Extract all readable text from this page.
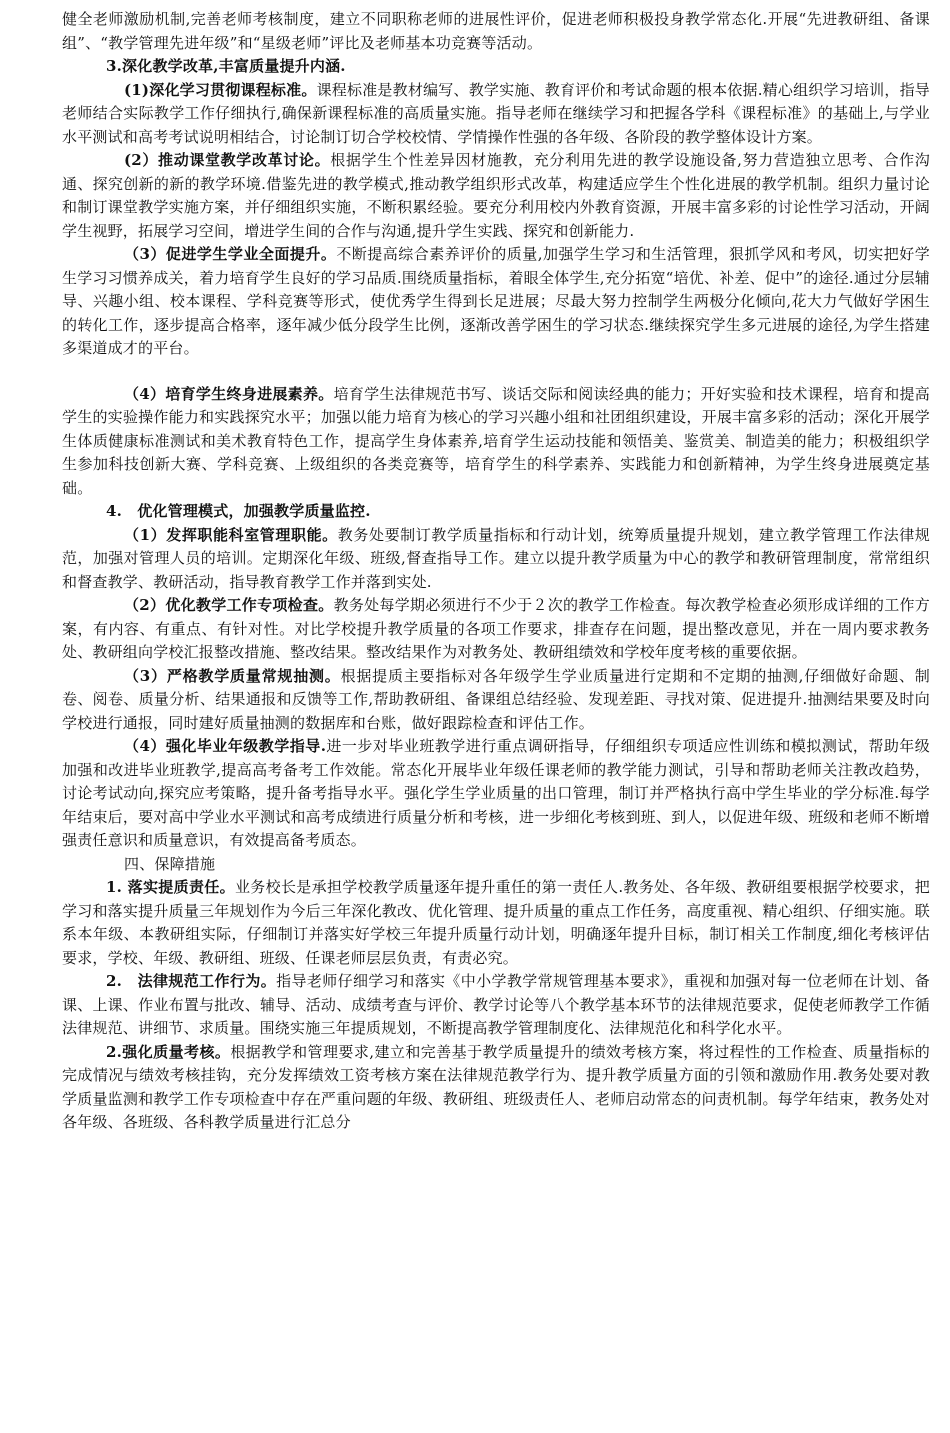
健全老师激励机制,完善老师考核制度，建立不同职称老师的进展性评价，促进老师积极投身教学常态化.开展“先进教研组、备课组”、“教学管理先进年级”和“星级老师”评比及老师基本功竞赛等活动。

3.深化教学改革,丰富质量提升内涵.

(1)深化学习贯彻课程标准。课程标准是教材编写、教学实施、教育评价和考试命题的根本依据.精心组织学习培训，指导老师结合实际教学工作仔细执行,确保新课程标准的高质量实施。指导老师在继续学习和把握各学科《课程标准》的基础上,与学业水平测试和高考考试说明相结合，讨论制订切合学校校情、学情操作性强的各年级、各阶段的教学整体设计方案。

(2）推动课堂教学改革讨论。根据学生个性差异因材施教，充分利用先进的教学设施设备,努力营造独立思考、合作沟通、探究创新的新的教学环境.借鉴先进的教学模式,推动教学组织形式改革，构建适应学生个性化进展的教学机制。组织力量讨论和制订课堂教学实施方案，并仔细组织实施，不断积累经验。要充分利用校内外教育资源，开展丰富多彩的讨论性学习活动，开阔学生视野，拓展学习空间，增进学生间的合作与沟通,提升学生实践、探究和创新能力.

（3）促进学生学业全面提升。不断提高综合素养评价的质量,加强学生学习和生活管理，狠抓学风和考风，切实把好学生学习习惯养成关，着力培育学生良好的学习品质.围绕质量指标，着眼全体学生,充分拓宽“培优、补差、促中”的途径.通过分层辅导、兴趣小组、校本课程、学科竞赛等形式，使优秀学生得到长足进展；尽最大努力控制学生两极分化倾向,花大力气做好学困生的转化工作，逐步提高合格率，逐年减少低分段学生比例，逐渐改善学困生的学习状态.继续探究学生多元进展的途径,为学生搭建多渠道成才的平台。

（4）培育学生终身进展素养。培育学生法律规范书写、谈话交际和阅读经典的能力；开好实验和技术课程，培育和提高学生的实验操作能力和实践探究水平；加强以能力培育为核心的学习兴趣小组和社团组织建设，开展丰富多彩的活动；深化开展学生体质健康标准测试和美术教育特色工作，提高学生身体素养,培育学生运动技能和领悟美、鉴赏美、制造美的能力；积极组织学生参加科技创新大赛、学科竞赛、上级组织的各类竞赛等，培育学生的科学素养、实践能力和创新精神，为学生终身进展奠定基础。

4.　优化管理模式，加强教学质量监控.

（1）发挥职能科室管理职能。教务处要制订教学质量指标和行动计划，统筹质量提升规划，建立教学管理工作法律规范，加强对管理人员的培训。定期深化年级、班级,督查指导工作。建立以提升教学质量为中心的教学和教研管理制度，常常组织和督查教学、教研活动，指导教育教学工作并落到实处.

（2）优化教学工作专项检查。教务处每学期必须进行不少于２次的教学工作检查。每次教学检查必须形成详细的工作方案，有内容、有重点、有针对性。对比学校提升教学质量的各项工作要求，排查存在问题，提出整改意见，并在一周内要求教务处、教研组向学校汇报整改措施、整改结果。整改结果作为对教务处、教研组绩效和学校年度考核的重要依据。

（3）严格教学质量常规抽测。根据提质主要指标对各年级学生学业质量进行定期和不定期的抽测,仔细做好命题、制卷、阅卷、质量分析、结果通报和反馈等工作,帮助教研组、备课组总结经验、发现差距、寻找对策、促进提升.抽测结果要及时向学校进行通报，同时建好质量抽测的数据库和台账，做好跟踪检查和评估工作。

（4）强化毕业年级教学指导.进一步对毕业班教学进行重点调研指导，仔细组织专项适应性训练和模拟测试，帮助年级加强和改进毕业班教学,提高高考备考工作效能。常态化开展毕业年级任课老师的教学能力测试，引导和帮助老师关注教改趋势，讨论考试动向,探究应考策略，提升备考指导水平。强化学生学业质量的出口管理，制订并严格执行高中学生毕业的学分标准.每学年结束后，要对高中学业水平测试和高考成绩进行质量分析和考核，进一步细化考核到班、到人，以促进年级、班级和老师不断增强责任意识和质量意识，有效提高备考质态。

四、保障措施

1. 落实提质责任。业务校长是承担学校教学质量逐年提升重任的第一责任人.教务处、各年级、教研组要根据学校要求，把学习和落实提升质量三年规划作为今后三年深化教改、优化管理、提升质量的重点工作任务，高度重视、精心组织、仔细实施。联系本年级、本教研组实际，仔细制订并落实好学校三年提升质量行动计划，明确逐年提升目标，制订相关工作制度,细化考核评估要求，学校、年级、教研组、班级、任课老师层层负责，有责必究。

2.　法律规范工作行为。指导老师仔细学习和落实《中小学教学常规管理基本要求》，重视和加强对每一位老师在计划、备课、上课、作业布置与批改、辅导、活动、成绩考查与评价、教学讨论等八个教学基本环节的法律规范要求，促使老师教学工作循法律规范、讲细节、求质量。围绕实施三年提质规划，不断提高教学管理制度化、法律规范化和科学化水平。

2.强化质量考核。根据教学和管理要求,建立和完善基于教学质量提升的绩效考核方案，将过程性的工作检查、质量指标的完成情况与绩效考核挂钩，充分发挥绩效工资考核方案在法律规范教学行为、提升教学质量方面的引领和激励作用.教务处要对教学质量监测和教学工作专项检查中存在严重问题的年级、教研组、班级责任人、老师启动常态的问责机制。每学年结束，教务处对各年级、各班级、各科教学质量进行汇总分
